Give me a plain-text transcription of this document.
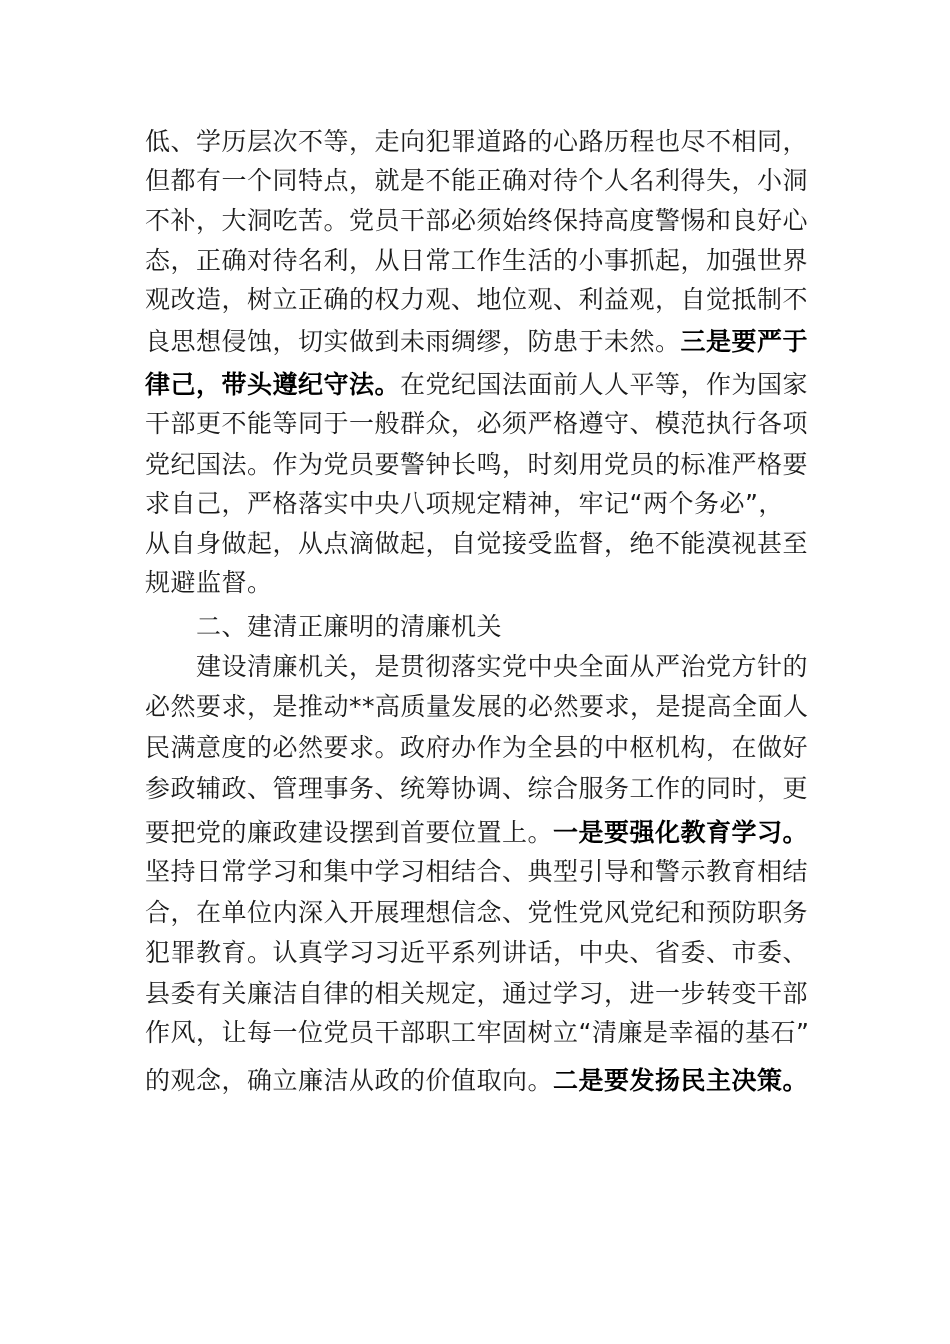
低、学历层次不等，走向犯罪道路的心路历程也尽不相同，
但都有一个同特点，就是不能正确对待个人名利得失，小洞
不补，大洞吃苦。党员干部必须始终保持高度警惕和良好心
态，正确对待名利，从日常工作生活的小事抓起，加强世界
观改造，树立正确的权力观、地位观、利益观，自觉抵制不
良思想侵蚀，切实做到未雨绸缪，防患于未然。三是要严于
律己，带头遵纪守法。在党纪国法面前人人平等，作为国家
干部更不能等同于一般群众，必须严格遵守、模范执行各项
党纪国法。作为党员要警钟长鸣，时刻用党员的标准严格要
求自己，严格落实中央八项规定精神，牢记“两个务必”，
从自身做起，从点滴做起，自觉接受监督，绝不能漠视甚至
规避监督。
二、建清正廉明的清廉机关
建设清廉机关，是贯彻落实党中央全面从严治党方针的
必然要求，是推动**高质量发展的必然要求，是提高全面人
民满意度的必然要求。政府办作为全县的中枢机构，在做好
参政辅政、管理事务、统筹协调、综合服务工作的同时，更
要把党的廉政建设摆到首要位置上。一是要强化教育学习。
坚持日常学习和集中学习相结合、典型引导和警示教育相结
合，在单位内深入开展理想信念、党性党风党纪和预防职务
犯罪教育。认真学习习近平系列讲话，中央、省委、市委、
县委有关廉洁自律的相关规定，通过学习，进一步转变干部
作风，让每一位党员干部职工牢固树立“清廉是幸福的基石”
的观念，确立廉洁从政的价值取向。二是要发扬民主决策。
